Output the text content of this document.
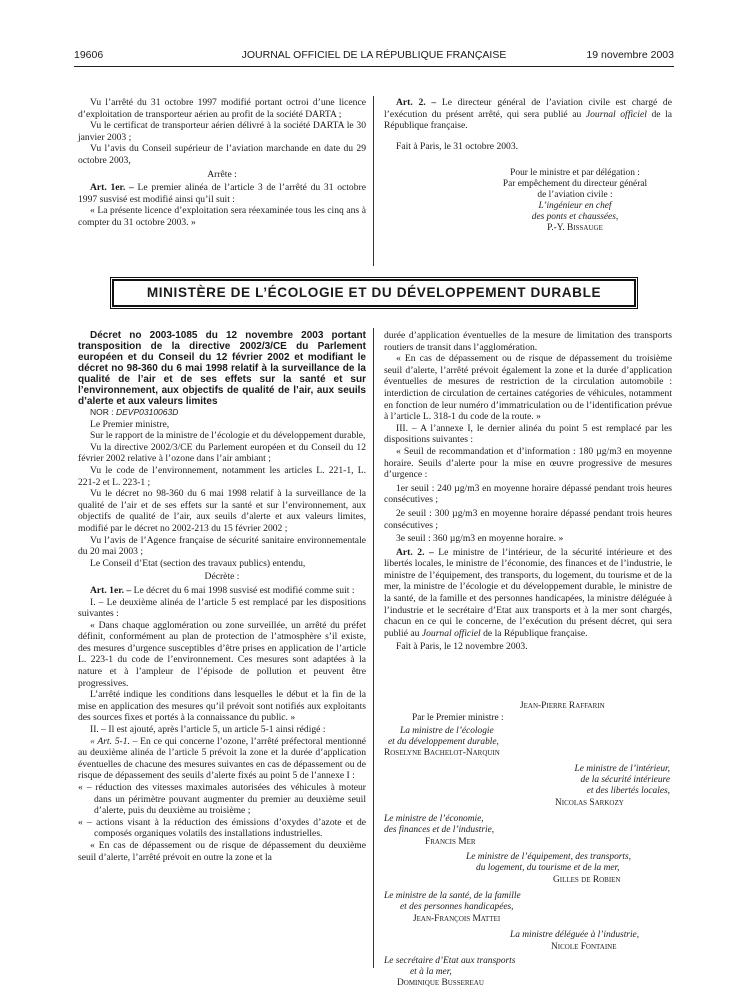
19606	JOURNAL OFFICIEL DE LA RÉPUBLIQUE FRANÇAISE	19 novembre 2003

Vu l’arrêté du 31 octobre 1997 modifié portant octroi d’une licence d’exploitation de transporteur aérien au profit de la société DARTA ;

Vu le certificat de transporteur aérien délivré à la société DARTA le 30 janvier 2003 ;

Vu l’avis du Conseil supérieur de l’aviation marchande en date du 29 octobre 2003,

Arrête :

Art. 1er. – Le premier alinéa de l’article 3 de l’arrêté du 31 octobre 1997 susvisé est modifié ainsi qu’il suit :

« La présente licence d’exploitation sera réexaminée tous les cinq ans à compter du 31 octobre 2003. »

Art. 2. – Le directeur général de l’aviation civile est chargé de l’exécution du présent arrêté, qui sera publié au Journal officiel de la République française.

Fait à Paris, le 31 octobre 2003.

Pour le ministre et par délégation :
Par empêchement du directeur général
de l’aviation civile :
L’ingénieur en chef
des ponts et chaussées,
P.-Y. Bissauge
MINISTÈRE DE L’ÉCOLOGIE ET DU DÉVELOPPEMENT DURABLE

Décret no 2003-1085 du 12 novembre 2003 portant transposition de la directive 2002/3/CE du Parlement européen et du Conseil du 12 février 2002 et modifiant le décret no 98-360 du 6 mai 1998 relatif à la surveillance de la qualité de l’air et de ses effets sur la santé et sur l’environnement, aux objectifs de qualité de l’air, aux seuils d’alerte et aux valeurs limites

NOR : DEVP0310063D

Le Premier ministre,

Sur le rapport de la ministre de l’écologie et du développement durable,

Vu la directive 2002/3/CE du Parlement européen et du Conseil du 12 février 2002 relative à l’ozone dans l’air ambiant ;

Vu le code de l’environnement, notamment les articles L. 221-1, L. 221-2 et L. 223-1 ;

Vu le décret no 98-360 du 6 mai 1998 relatif à la surveillance de la qualité de l’air et de ses effets sur la santé et sur l’environnement, aux objectifs de qualité de l’air, aux seuils d’alerte et aux valeurs limites, modifié par le décret no 2002-213 du 15 février 2002 ;

Vu l’avis de l’Agence française de sécurité sanitaire environnementale du 20 mai 2003 ;

Le Conseil d’Etat (section des travaux publics) entendu,

Décrète :

Art. 1er. – Le décret du 6 mai 1998 susvisé est modifié comme suit :

I. – Le deuxième alinéa de l’article 5 est remplacé par les dispositions suivantes :

« Dans chaque agglomération ou zone surveillée, un arrêté du préfet définit, conformément au plan de protection de l’atmosphère s’il existe, des mesures d’urgence susceptibles d’être prises en application de l’article L. 223-1 du code de l’environnement. Ces mesures sont adaptées à la nature et à l’ampleur de l’épisode de pollution et peuvent être progressives.

L’arrêté indique les conditions dans lesquelles le début et la fin de la mise en application des mesures qu’il prévoit sont notifiés aux exploitants des sources fixes et portés à la connaissance du public. »

II. – Il est ajouté, après l’article 5, un article 5-1 ainsi rédigé :

« Art. 5-1. – En ce qui concerne l’ozone, l’arrêté préfectoral mentionné au deuxième alinéa de l’article 5 prévoit la zone et la durée d’application éventuelles de chacune des mesures suivantes en cas de dépassement ou de risque de dépassement des seuils d’alerte fixés au point 5 de l’annexe I :

« – réduction des vitesses maximales autorisées des véhicules à moteur dans un périmètre pouvant augmenter du premier au deuxième seuil d’alerte, puis du deuxième au troisième ;

« – actions visant à la réduction des émissions d’oxydes d’azote et de composés organiques volatils des installations industrielles.

« En cas de dépassement ou de risque de dépassement du deuxième seuil d’alerte, l’arrêté prévoit en outre la zone et la

durée d’application éventuelles de la mesure de limitation des transports routiers de transit dans l’agglomération.

« En cas de dépassement ou de risque de dépassement du troisième seuil d’alerte, l’arrêté prévoit également la zone et la durée d’application éventuelles de mesures de restriction de la circulation automobile : interdiction de circulation de certaines catégories de véhicules, notamment en fonction de leur numéro d’immatriculation ou de l’identification prévue à l’article L. 318-1 du code de la route. »

III. – A l’annexe I, le dernier alinéa du point 5 est remplacé par les dispositions suivantes :

« Seuil de recommandation et d’information : 180 µg/m3 en moyenne horaire. Seuils d’alerte pour la mise en œuvre progressive de mesures d’urgence :

1er seuil : 240 µg/m3 en moyenne horaire dépassé pendant trois heures consécutives ;

2e seuil : 300 µg/m3 en moyenne horaire dépassé pendant trois heures consécutives ;

3e seuil : 360 µg/m3 en moyenne horaire. »

Art. 2. – Le ministre de l’intérieur, de la sécurité intérieure et des libertés locales, le ministre de l’économie, des finances et de l’industrie, le ministre de l’équipement, des transports, du logement, du tourisme et de la mer, la ministre de l’écologie et du développement durable, le ministre de la santé, de la famille et des personnes handicapées, la ministre déléguée à l’industrie et le secrétaire d’Etat aux transports et à la mer sont chargés, chacun en ce qui le concerne, de l’exécution du présent décret, qui sera publié au Journal officiel de la République française.

Fait à Paris, le 12 novembre 2003.

Jean-Pierre Raffarin
Par le Premier ministre :
La ministre de l’écologie
et du développement durable,
Roselyne Bachelot-Narquin
Le ministre de l’intérieur,
de la sécurité intérieure
et des libertés locales,
Nicolas Sarkozy
Le ministre de l’économie,
des finances et de l’industrie,
Francis Mer
Le ministre de l’équipement, des transports,
du logement, du tourisme et de la mer,
Gilles de Robien
Le ministre de la santé, de la famille
et des personnes handicapées,
Jean-François Mattei
La ministre déléguée à l’industrie,
Nicole Fontaine
Le secrétaire d’Etat aux transports
et à la mer,
Dominique Bussereau
